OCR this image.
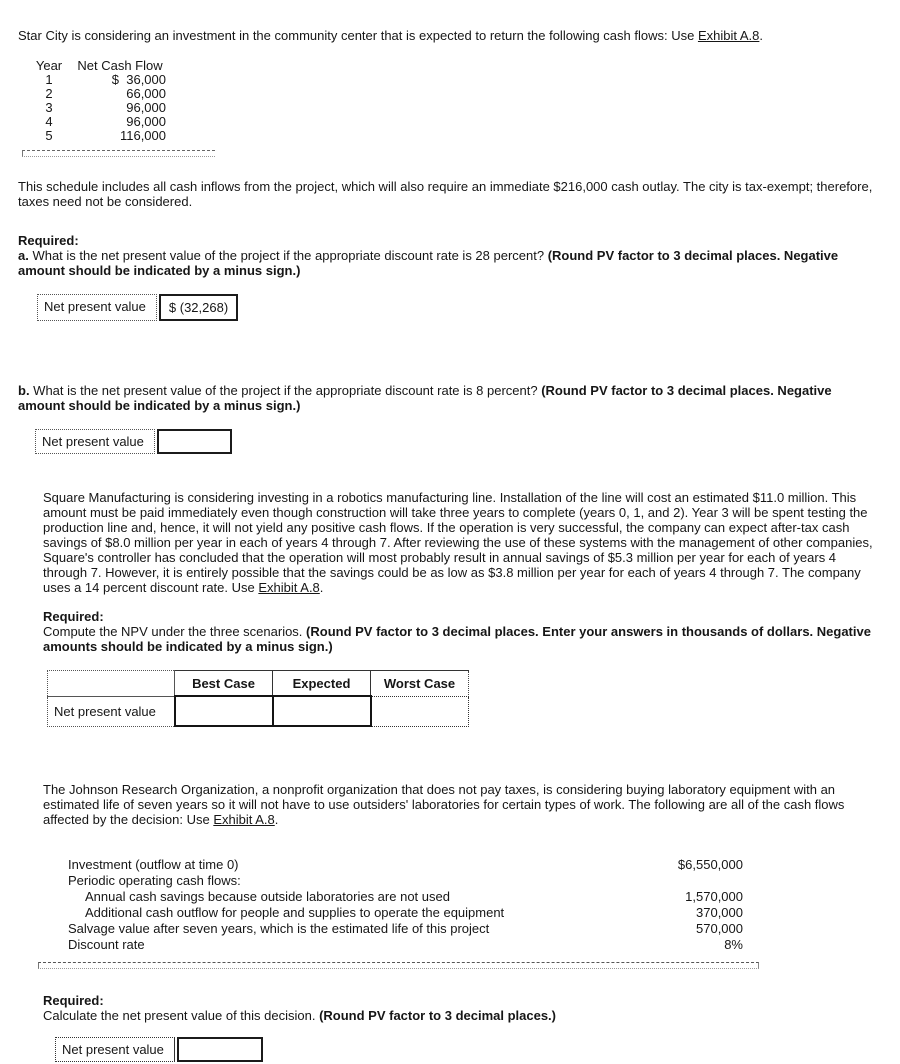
Star City is considering an investment in the community center that is expected to return the following cash flows: Use Exhibit A.8.

Year	Net Cash Flow
1	$  36,000
2	66,000
3	96,000
4	96,000
5	116,000

This schedule includes all cash inflows from the project, which will also require an immediate $216,000 cash outlay. The city is tax-exempt; therefore, taxes need not be considered.

Required:

a. What is the net present value of the project if the appropriate discount rate is 28 percent? (Round PV factor to 3 decimal places. Negative amount should be indicated by a minus sign.)

Net present value	$ (32,268)

b. What is the net present value of the project if the appropriate discount rate is 8 percent? (Round PV factor to 3 decimal places. Negative amount should be indicated by a minus sign.)

Net present value

Square Manufacturing is considering investing in a robotics manufacturing line. Installation of the line will cost an estimated $11.0 million. This amount must be paid immediately even though construction will take three years to complete (years 0, 1, and 2). Year 3 will be spent testing the production line and, hence, it will not yield any positive cash flows. If the operation is very successful, the company can expect after-tax cash savings of $8.0 million per year in each of years 4 through 7. After reviewing the use of these systems with the management of other companies, Square's controller has concluded that the operation will most probably result in annual savings of $5.3 million per year for each of years 4 through 7. However, it is entirely possible that the savings could be as low as $3.8 million per year for each of years 4 through 7. The company uses a 14 percent discount rate. Use Exhibit A.8.

Required:

Compute the NPV under the three scenarios. (Round PV factor to 3 decimal places. Enter your answers in thousands of dollars. Negative amounts should be indicated by a minus sign.)

	Best Case	Expected	Worst Case
Net present value			

The Johnson Research Organization, a nonprofit organization that does not pay taxes, is considering buying laboratory equipment with an estimated life of seven years so it will not have to use outsiders' laboratories for certain types of work. The following are all of the cash flows affected by the decision: Use Exhibit A.8.

Investment (outflow at time 0)	$6,550,000
Periodic operating cash flows:
Annual cash savings because outside laboratories are not used	1,570,000
Additional cash outflow for people and supplies to operate the equipment	370,000
Salvage value after seven years, which is the estimated life of this project	570,000
Discount rate	8%

Required:

Calculate the net present value of this decision. (Round PV factor to 3 decimal places.)

Net present value
